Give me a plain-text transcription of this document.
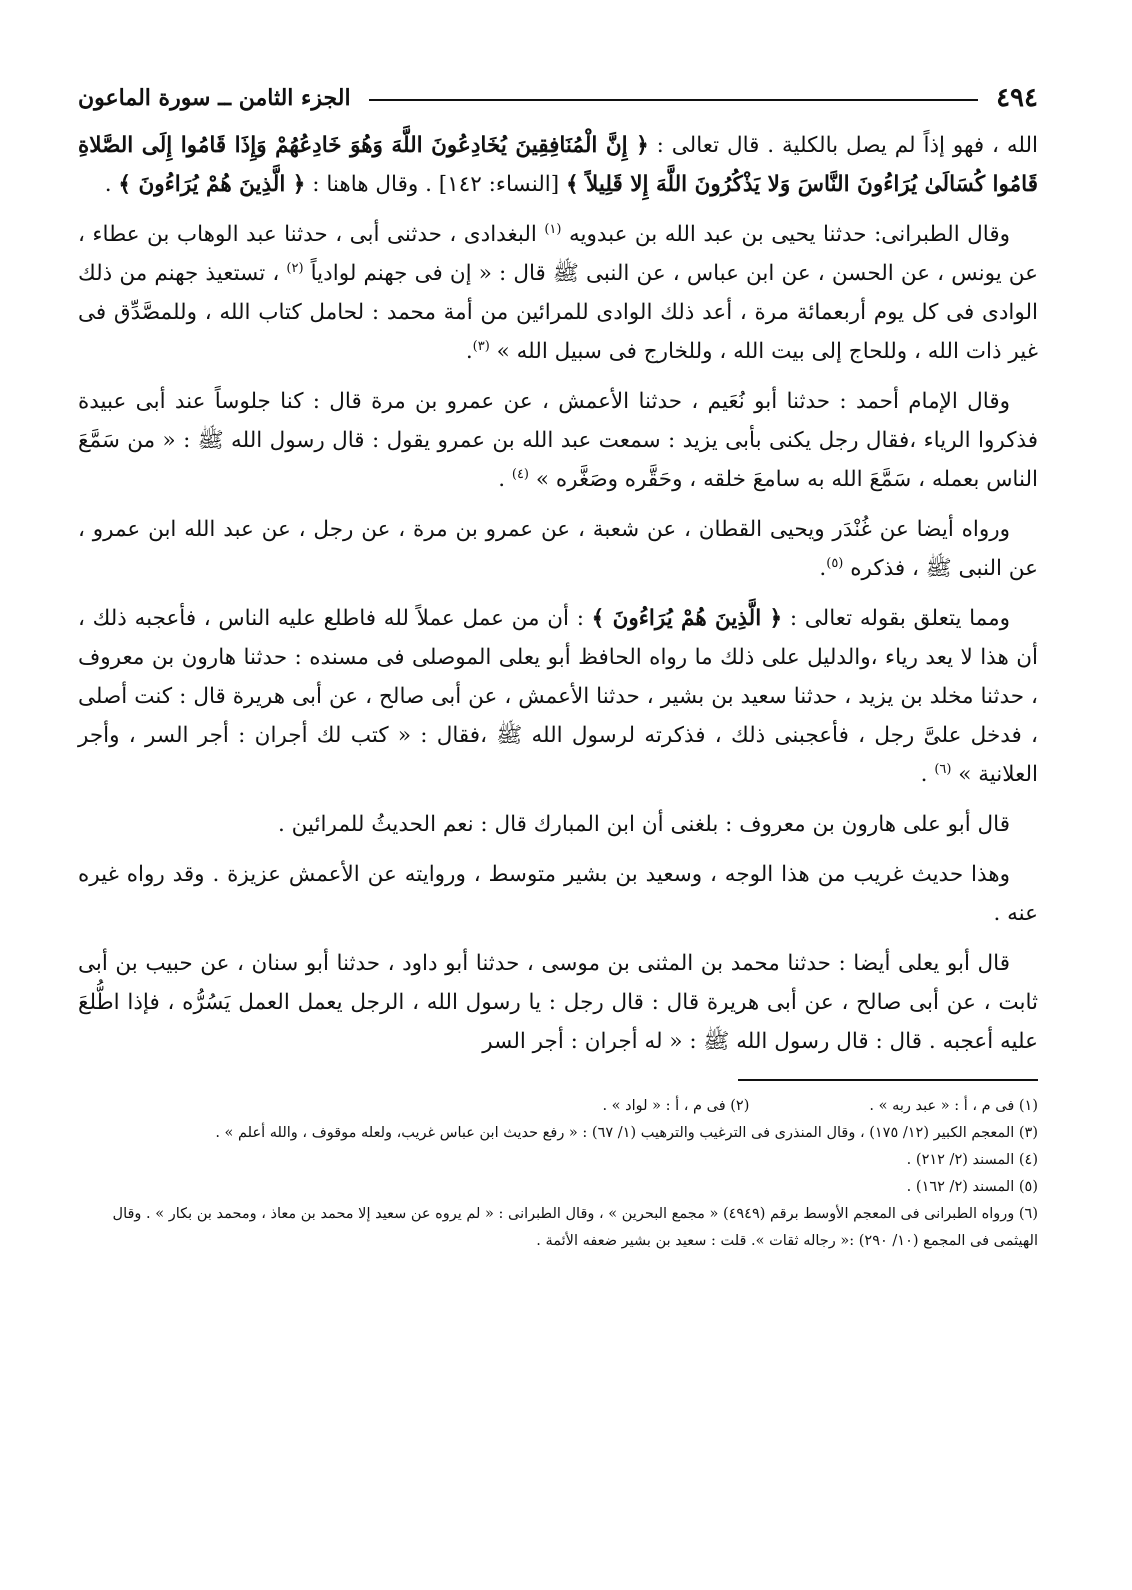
٤٩٤
الجزء الثامن ــ سورة الماعون

الله ، فهو إذاً لم يصل بالكلية . قال تعالى : ﴿ إِنَّ الْمُنَافِقِينَ يُخَادِعُونَ اللَّهَ وَهُوَ خَادِعُهُمْ وَإِذَا قَامُوا إِلَى الصَّلاةِ قَامُوا كُسَالَىٰ يُرَاءُونَ النَّاسَ وَلا يَذْكُرُونَ اللَّهَ إِلا قَلِيلاً ﴾ [النساء: ١٤٢] . وقال هاهنا : ﴿ الَّذِينَ هُمْ يُرَاءُونَ ﴾ .

وقال الطبرانى: حدثنا يحيى بن عبد الله بن عبدويه $^{(١)}$ البغدادى ، حدثنى أبى ، حدثنا عبد الوهاب بن عطاء ، عن يونس ، عن الحسن ، عن ابن عباس ، عن النبى ﷺ قال : « إن فى جهنم لوادياً $^{(٢)}$ ، تستعيذ جهنم من ذلك الوادى فى كل يوم أربعمائة مرة ، أعد ذلك الوادى للمرائين من أمة محمد : لحامل كتاب الله ، وللمصَّدِّق فى غير ذات الله ، وللحاج إلى بيت الله ، وللخارج فى سبيل الله » $^{(٣)}$.

وقال الإمام أحمد : حدثنا أبو نُعَيم ، حدثنا الأعمش ، عن عمرو بن مرة قال : كنا جلوساً عند أبى عبيدة فذكروا الرياء ،فقال رجل يكنى بأبى يزيد : سمعت عبد الله بن عمرو يقول : قال رسول الله ﷺ : « من سَمَّعَ الناس بعمله ، سَمَّعَ الله به سامعَ خلقه ، وحَقَّره وصَغَّره » $^{(٤)}$ .

ورواه أيضا عن غُنْدَر ويحيى القطان ، عن شعبة ، عن عمرو بن مرة ، عن رجل ، عن عبد الله ابن عمرو ، عن النبى ﷺ ، فذكره $^{(٥)}$.

ومما يتعلق بقوله تعالى : ﴿ الَّذِينَ هُمْ يُرَاءُونَ ﴾ : أن من عمل عملاً لله فاطلع عليه الناس ، فأعجبه ذلك ، أن هذا لا يعد رياء ،والدليل على ذلك ما رواه الحافظ أبو يعلى الموصلى فى مسنده : حدثنا هارون بن معروف ، حدثنا مخلد بن يزيد ، حدثنا سعيد بن بشير ، حدثنا الأعمش ، عن أبى صالح ، عن أبى هريرة قال : كنت أصلى ، فدخل علىَّ رجل ، فأعجبنى ذلك ، فذكرته لرسول الله ﷺ ،فقال : « كتب لك أجران : أجر السر ، وأجر العلانية » $^{(٦)}$ .

قال أبو على هارون بن معروف : بلغنى أن ابن المبارك قال : نعم الحديثُ للمرائين .

وهذا حديث غريب من هذا الوجه ، وسعيد بن بشير متوسط ، وروايته عن الأعمش عزيزة . وقد رواه غيره عنه .

قال أبو يعلى أيضا : حدثنا محمد بن المثنى بن موسى ، حدثنا أبو داود ، حدثنا أبو سنان ، عن حبيب بن أبى ثابت ، عن أبى صالح ، عن أبى هريرة قال : قال رجل : يا رسول الله ، الرجل يعمل العمل يَسُرُّه ، فإذا اطُّلعَ عليه أعجبه . قال : قال رسول الله ﷺ : « له أجران : أجر السر

(١) فى م ، أ : « عبد ربه » .
(٢) فى م ، أ : « لواد » .

(٣) المعجم الكبير (١٢/ ١٧٥) ، وقال المنذرى فى الترغيب والترهيب (١/ ٦٧) : « رفع حديث ابن عباس غريب، ولعله موقوف ، والله أعلم » .

(٤) المسند (٢/ ٢١٢) .

(٥) المسند (٢/ ١٦٢) .

(٦) ورواه الطبرانى فى المعجم الأوسط برقم (٤٩٤٩) « مجمع البحرين » ، وقال الطبرانى : « لم يروه عن سعيد إلا محمد بن معاذ ، ومحمد بن بكار » . وقال الهيثمى فى المجمع (١٠/ ٢٩٠) :« رجاله ثقات ». قلت : سعيد بن بشير ضعفه الأئمة .
